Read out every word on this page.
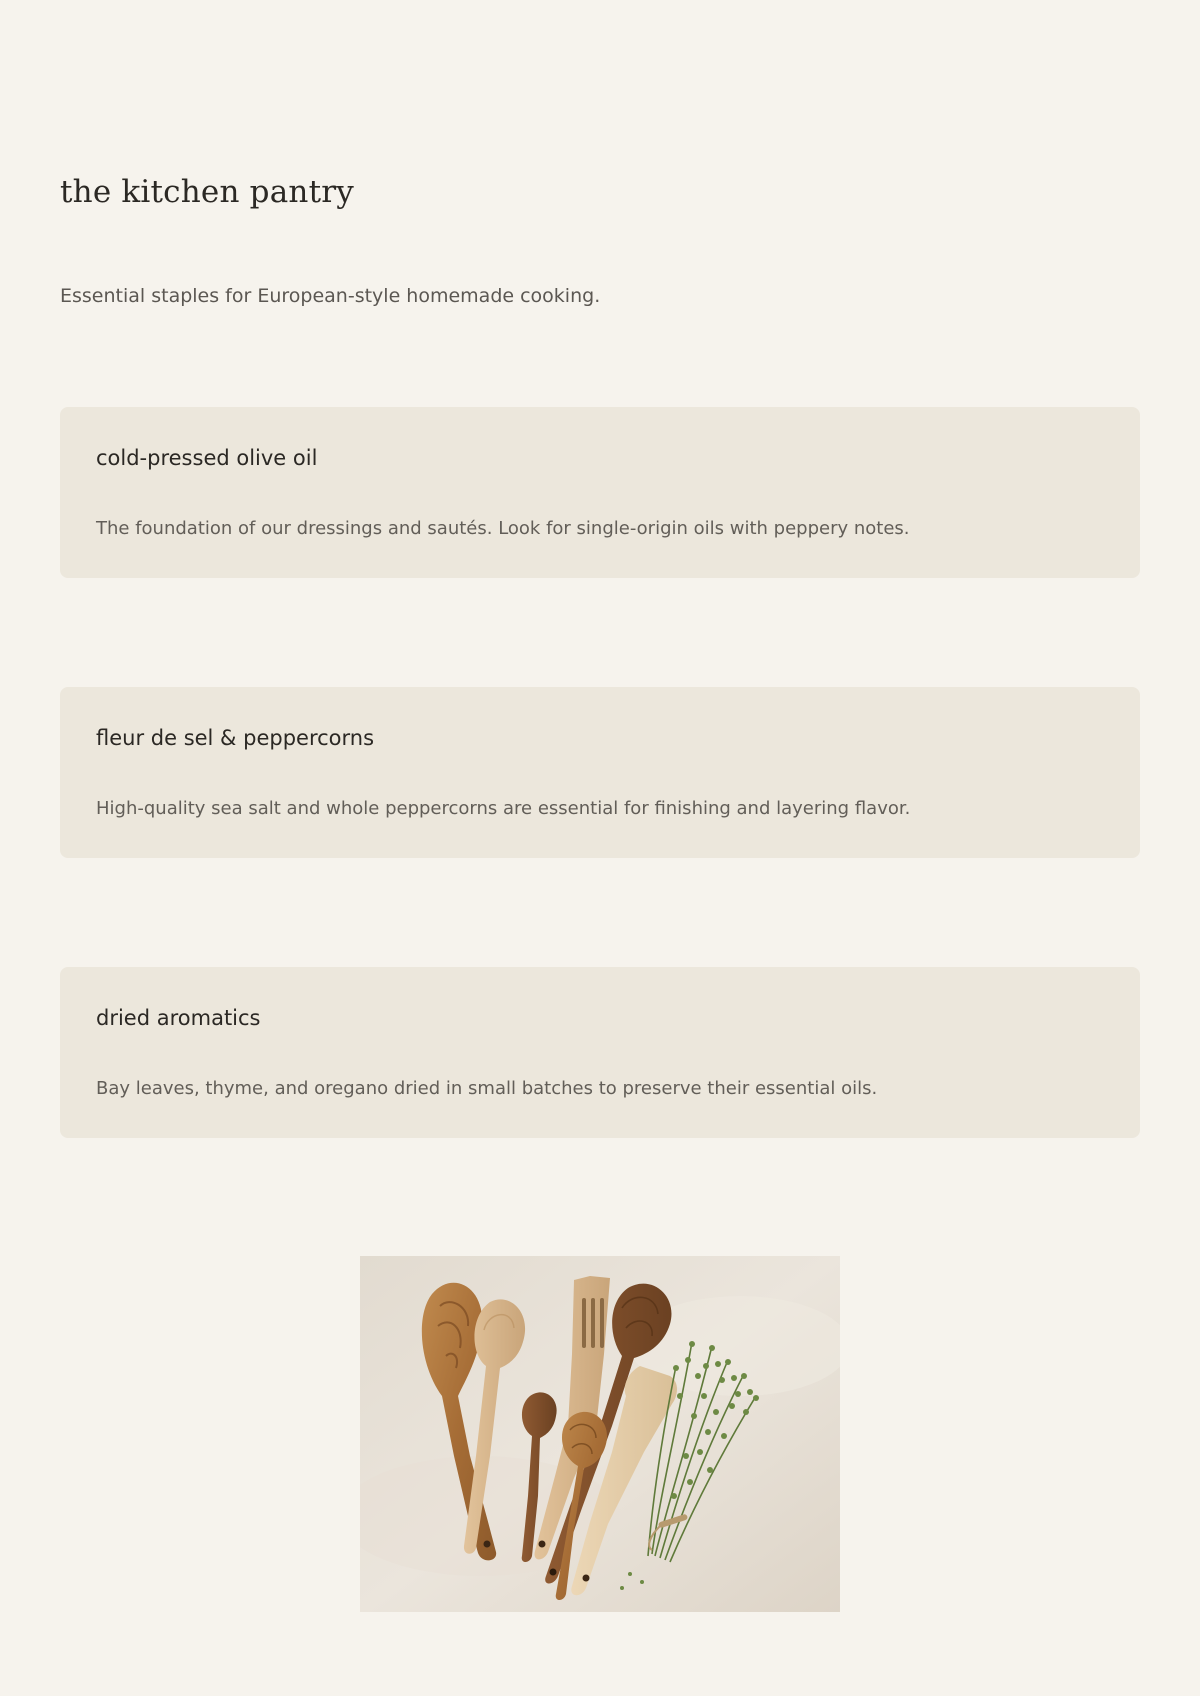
the kitchen pantry

Essential staples for European-style homemade cooking.

cold-pressed olive oil

The foundation of our dressings and sautés. Look for single-origin oils with peppery notes.

fleur de sel & peppercorns

High-quality sea salt and whole peppercorns are essential for finishing and layering flavor.

dried aromatics

Bay leaves, thyme, and oregano dried in small batches to preserve their essential oils.
